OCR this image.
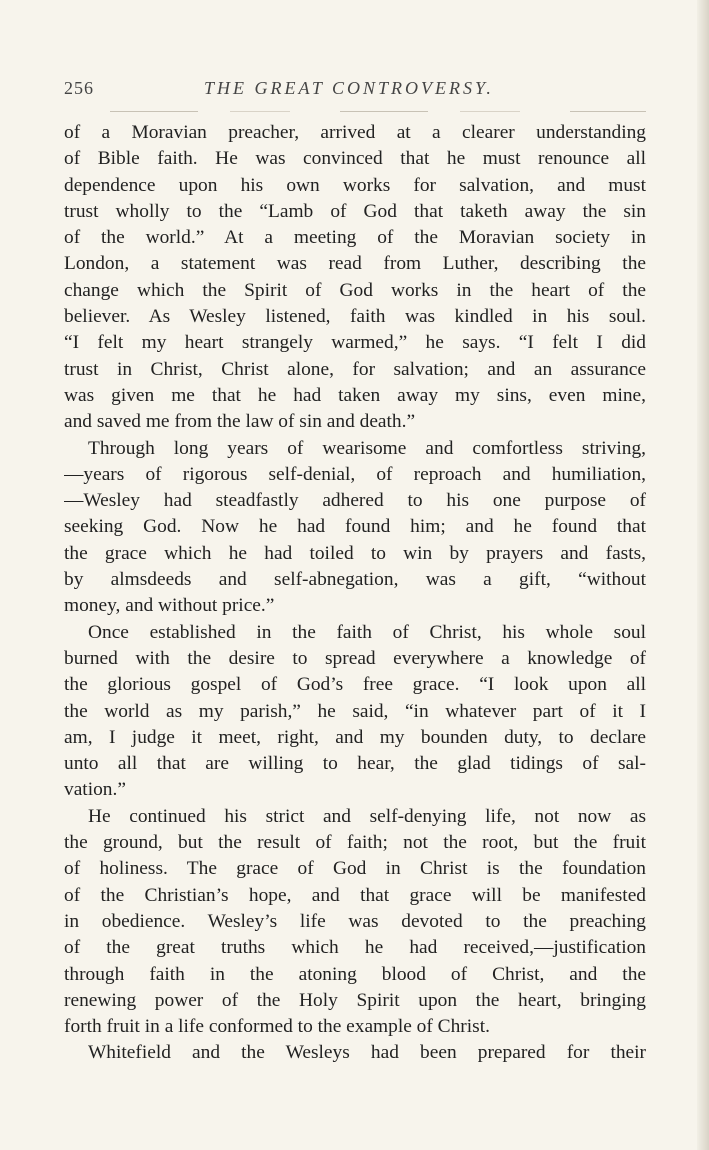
256	THE GREAT CONTROVERSY.
of a Moravian preacher, arrived at a clearer understanding
of Bible faith. He was convinced that he must renounce all
dependence upon his own works for salvation, and must
trust wholly to the “Lamb of God that taketh away the sin
of the world.” At a meeting of the Moravian society in
London, a statement was read from Luther, describing the
change which the Spirit of God works in the heart of the
believer. As Wesley listened, faith was kindled in his soul.
“I felt my heart strangely warmed,” he says. “I felt I did
trust in Christ, Christ alone, for salvation; and an assurance
was given me that he had taken away my sins, even mine,
and saved me from the law of sin and death.”
Through long years of wearisome and comfortless striving,
—years of rigorous self-denial, of reproach and humiliation,
—Wesley had steadfastly adhered to his one purpose of
seeking God. Now he had found him; and he found that
the grace which he had toiled to win by prayers and fasts,
by almsdeeds and self-abnegation, was a gift, “without
money, and without price.”
Once established in the faith of Christ, his whole soul
burned with the desire to spread everywhere a knowledge of
the glorious gospel of God’s free grace. “I look upon all
the world as my parish,” he said, “in whatever part of it I
am, I judge it meet, right, and my bounden duty, to declare
unto all that are willing to hear, the glad tidings of sal-
vation.”
He continued his strict and self-denying life, not now as
the ground, but the result of faith; not the root, but the fruit
of holiness. The grace of God in Christ is the foundation
of the Christian’s hope, and that grace will be manifested
in obedience. Wesley’s life was devoted to the preaching
of the great truths which he had received,—justification
through faith in the atoning blood of Christ, and the
renewing power of the Holy Spirit upon the heart, bringing
forth fruit in a life conformed to the example of Christ.
Whitefield and the Wesleys had been prepared for their
